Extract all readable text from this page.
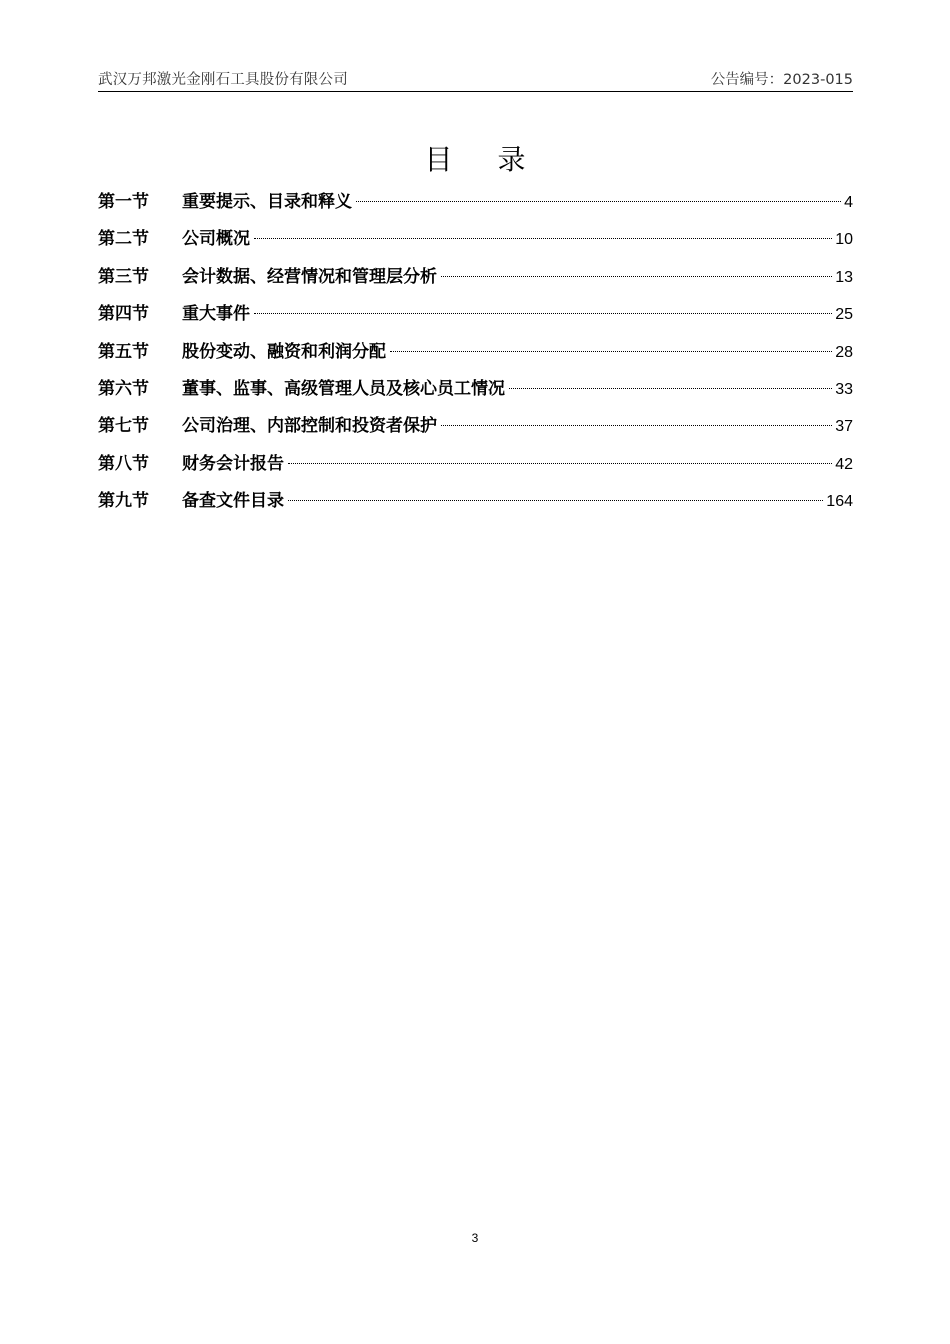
武汉万邦激光金刚石工具股份有限公司	公告编号：2023-015
目 录
第一节	重要提示、目录和释义	4
第二节	公司概况	10
第三节	会计数据、经营情况和管理层分析	13
第四节	重大事件	25
第五节	股份变动、融资和利润分配	28
第六节	董事、监事、高级管理人员及核心员工情况	33
第七节	公司治理、内部控制和投资者保护	37
第八节	财务会计报告	42
第九节	备查文件目录	164
3
